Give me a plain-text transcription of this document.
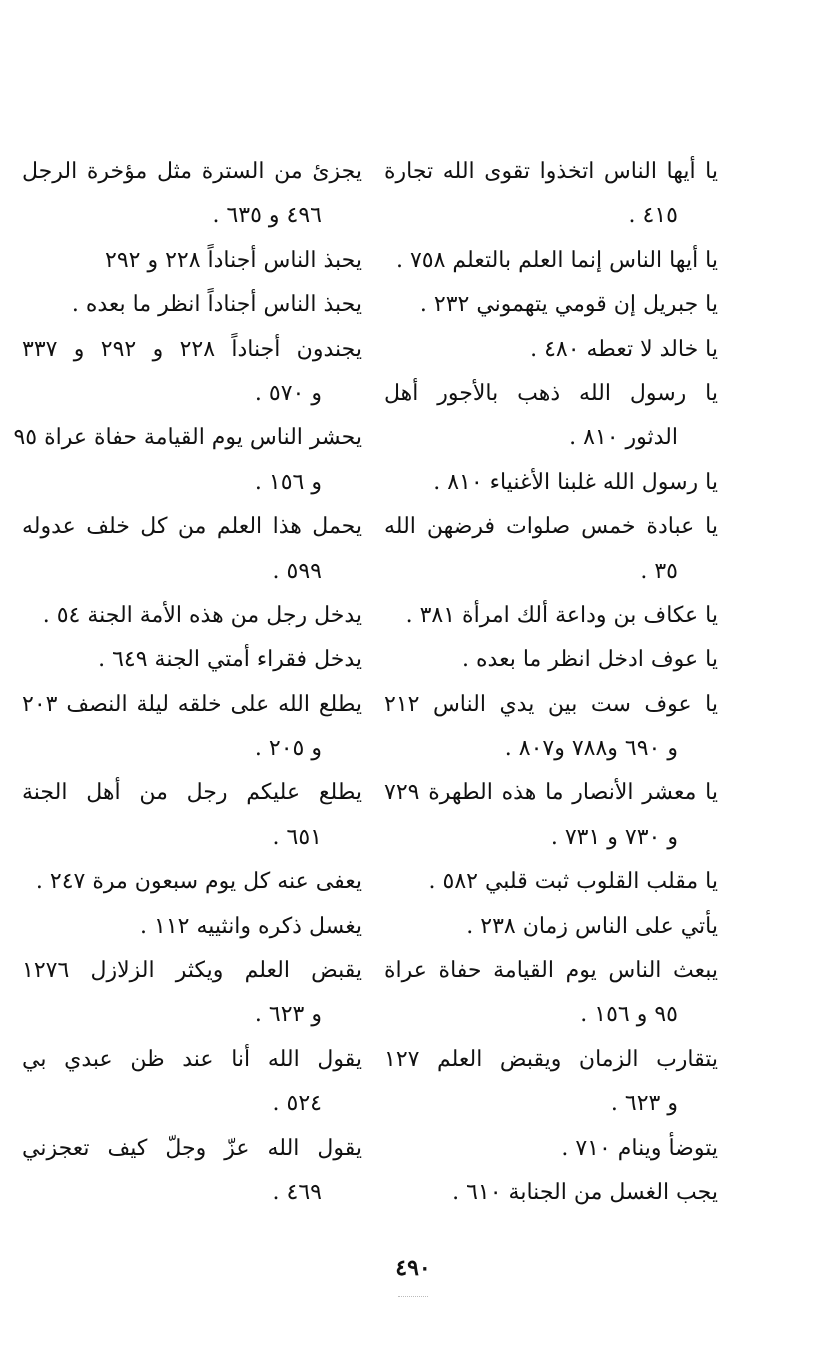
يا أيها الناس اتخذوا تقوى الله تجارة
٤١٥ .
يا أيها الناس إنما العلم بالتعلم ٧٥٨ .
يا جبريل إن قومي يتهموني ٢٣٢ .
يا خالد لا تعطه ٤٨٠ .
يا رسول الله ذهب بالأجور أهل
الدثور ٨١٠ .
يا رسول الله غلبنا الأغنياء ٨١٠ .
يا عبادة خمس صلوات فرضهن الله
٣٥ .
يا عكاف بن وداعة ألك امرأة ٣٨١ .
يا عوف ادخل انظر ما بعده .
يا عوف ست بين يدي الناس ٢١٢
و ٦٩٠ و٧٨٨ و٨٠٧ .
يا معشر الأنصار ما هذه الطهرة ٧٢٩
و ٧٣٠ و ٧٣١ .
يا مقلب القلوب ثبت قلبي ٥٨٢ .
يأتي على الناس زمان ٢٣٨ .
يبعث الناس يوم القيامة حفاة عراة
٩٥ و ١٥٦ .
يتقارب الزمان ويقبض العلم ١٢٧
و ٦٢٣ .
يتوضأ وينام ٧١٠ .
يجب الغسل من الجنابة ٦١٠ .
يجزئ من السترة مثل مؤخرة الرجل
٤٩٦ و ٦٣٥ .
يحبذ الناس أجناداً ٢٢٨ و ٢٩٢
يحبذ الناس أجناداً انظر ما بعده .
يجندون أجناداً ٢٢٨ و ٢٩٢ و ٣٣٧
و ٥٧٠ .
يحشر الناس يوم القيامة حفاة عراة ٩٥
و ١٥٦ .
يحمل هذا العلم من كل خلف عدوله
٥٩٩ .
يدخل رجل من هذه الأمة الجنة ٥٤ .
يدخل فقراء أمتي الجنة ٦٤٩ .
يطلع الله على خلقه ليلة النصف ٢٠٣
و ٢٠٥ .
يطلع عليكم رجل من أهل الجنة
٦٥١ .
يعفى عنه كل يوم سبعون مرة ٢٤٧ .
يغسل ذكره وانثييه ١١٢ .
يقبض العلم ويكثر الزلازل ١٢٧٦
و ٦٢٣ .
يقول الله أنا عند ظن عبدي بي
٥٢٤ .
يقول الله عزّ وجلّ كيف تعجزني
٤٦٩ .
٤٩٠
